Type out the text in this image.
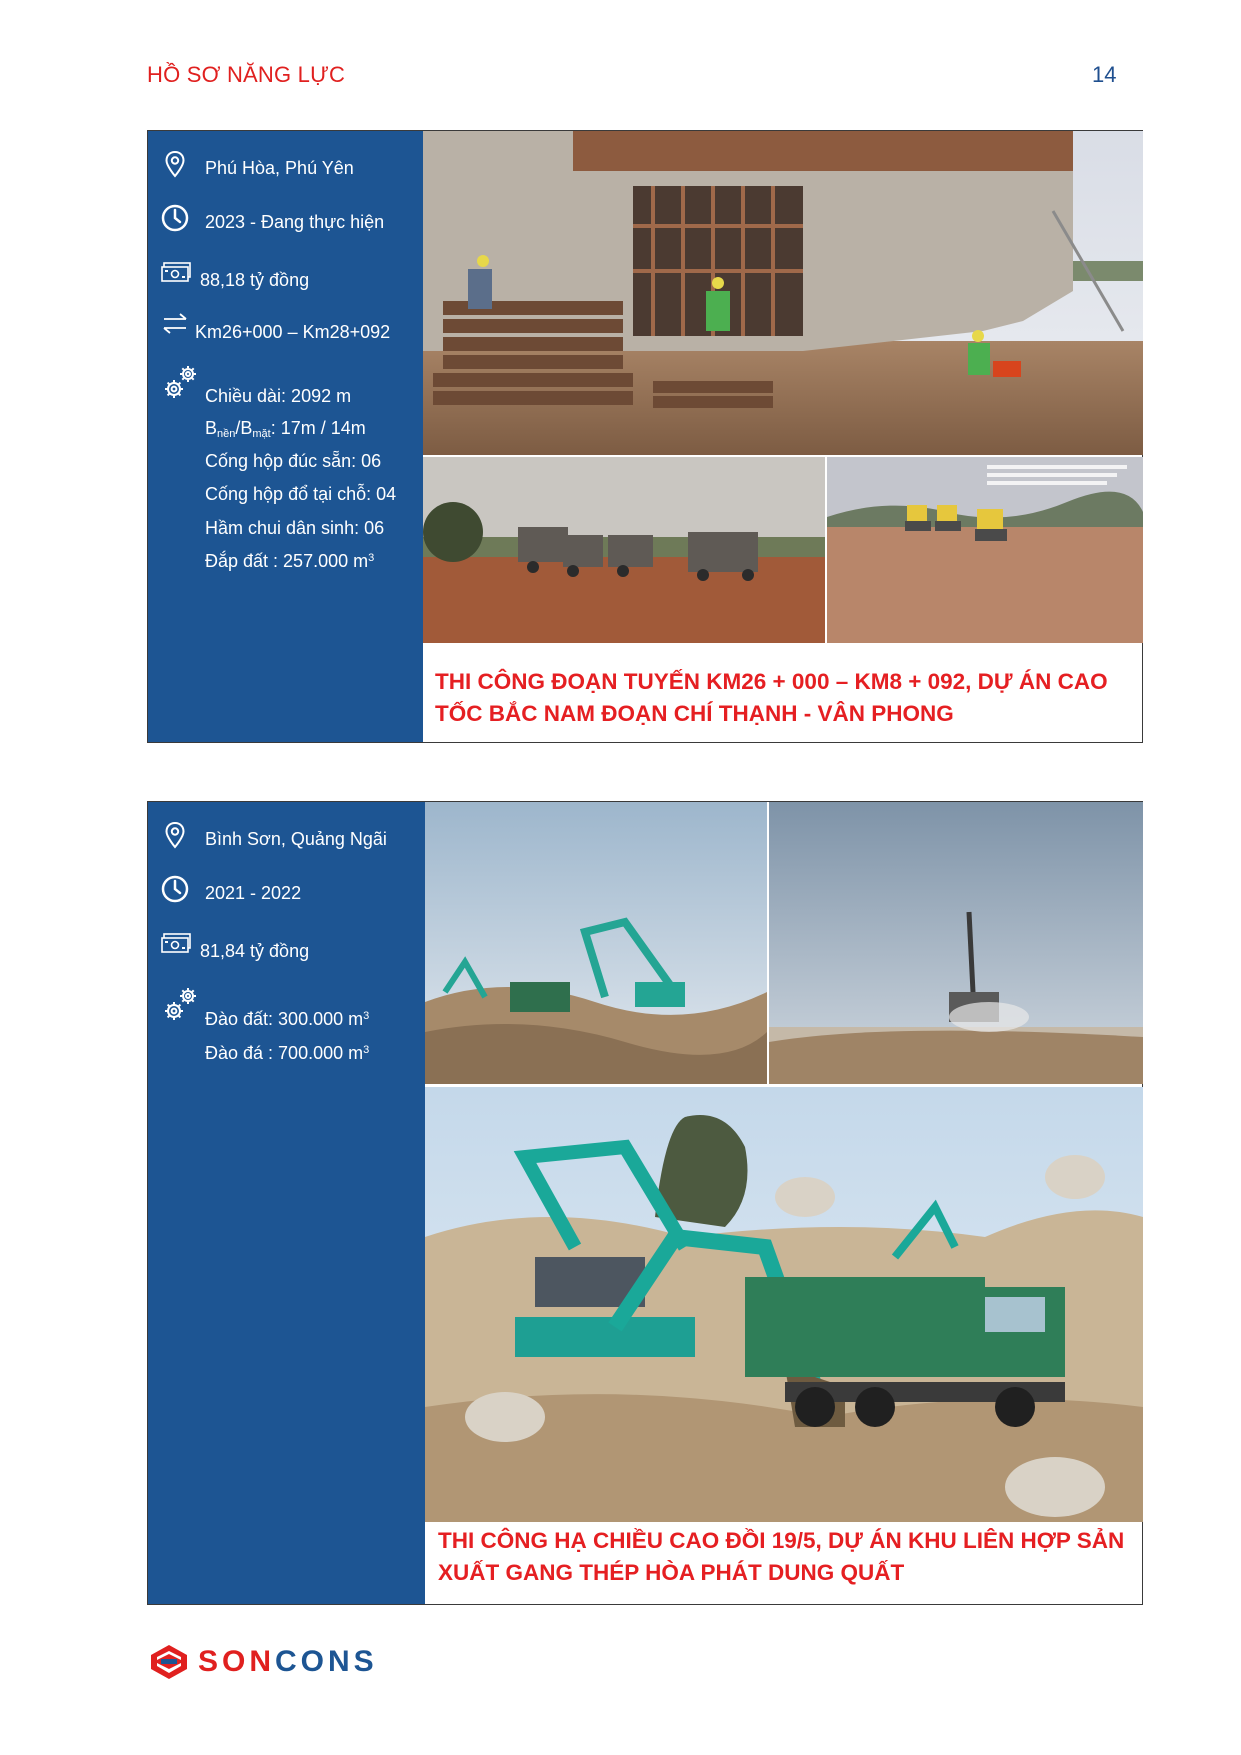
HỒ SƠ NĂNG LỰC	14
Phú Hòa, Phú Yên
2023 - Đang thực hiện
88,18 tỷ đồng
Km26+000 – Km28+092
Chiều dài: 2092 m
$B_{nền}/B_{mặt}$: 17m / 14m
Cống hộp đúc sẵn: 06
Cống hộp đổ tại chỗ: 04
Hầm chui dân sinh: 06
Đắp đất : 257.000 $m^3$
THI CÔNG ĐOẠN TUYẾN KM26 + 000 – KM8 + 092, DỰ ÁN CAO TỐC BẮC NAM ĐOẠN CHÍ THẠNH - VÂN PHONG
Bình Sơn, Quảng Ngãi
2021 - 2022
81,84 tỷ đồng
Đào đất: 300.000 $m^3$
Đào đá : 700.000 $m^3$
THI CÔNG HẠ CHIỀU CAO ĐỒI 19/5, DỰ ÁN KHU LIÊN HỢP SẢN XUẤT GANG THÉP HÒA PHÁT DUNG QUẤT
SONCONS
